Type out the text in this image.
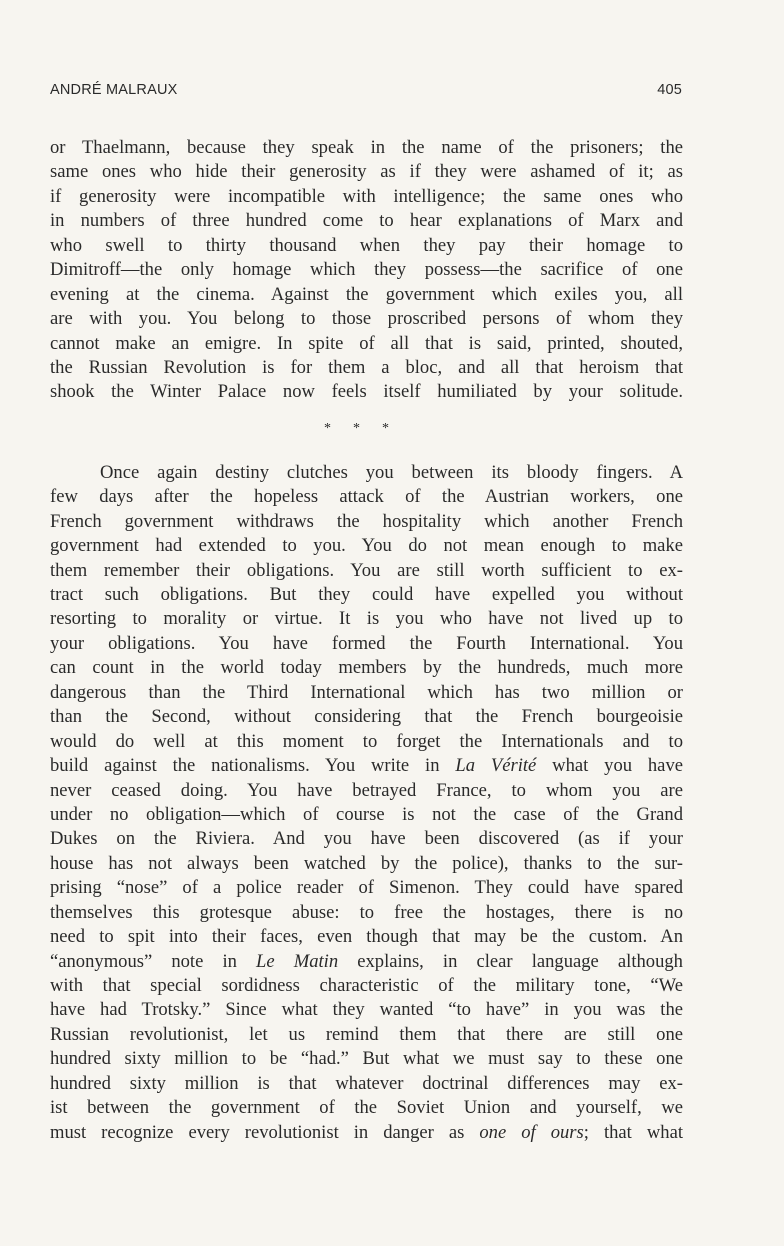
ANDRÉ MALRAUX	405
or Thaelmann, because they speak in the name of the prisoners; the
same ones who hide their generosity as if they were ashamed of it; as
if generosity were incompatible with intelligence; the same ones who
in numbers of three hundred come to hear explanations of Marx and
who swell to thirty thousand when they pay their homage to
Dimitroff—the only homage which they possess—the sacrifice of one
evening at the cinema. Against the government which exiles you, all
are with you. You belong to those proscribed persons of whom they
cannot make an emigre. In spite of all that is said, printed, shouted,
the Russian Revolution is for them a bloc, and all that heroism that
shook the Winter Palace now feels itself humiliated by your solitude.
* * *
Once again destiny clutches you between its bloody fingers. A
few days after the hopeless attack of the Austrian workers, one
French government withdraws the hospitality which another French
government had extended to you. You do not mean enough to make
them remember their obligations. You are still worth sufficient to ex-
tract such obligations. But they could have expelled you without
resorting to morality or virtue. It is you who have not lived up to
your obligations. You have formed the Fourth International. You
can count in the world today members by the hundreds, much more
dangerous than the Third International which has two million or
than the Second, without considering that the French bourgeoisie
would do well at this moment to forget the Internationals and to
build against the nationalisms. You write in La Vérité what you have
never ceased doing. You have betrayed France, to whom you are
under no obligation—which of course is not the case of the Grand
Dukes on the Riviera. And you have been discovered (as if your
house has not always been watched by the police), thanks to the sur-
prising “nose” of a police reader of Simenon. They could have spared
themselves this grotesque abuse: to free the hostages, there is no
need to spit into their faces, even though that may be the custom. An
“anonymous” note in Le Matin explains, in clear language although
with that special sordidness characteristic of the military tone, “We
have had Trotsky.” Since what they wanted “to have” in you was the
Russian revolutionist, let us remind them that there are still one
hundred sixty million to be “had.” But what we must say to these one
hundred sixty million is that whatever doctrinal differences may ex-
ist between the government of the Soviet Union and yourself, we
must recognize every revolutionist in danger as one of ours; that what
